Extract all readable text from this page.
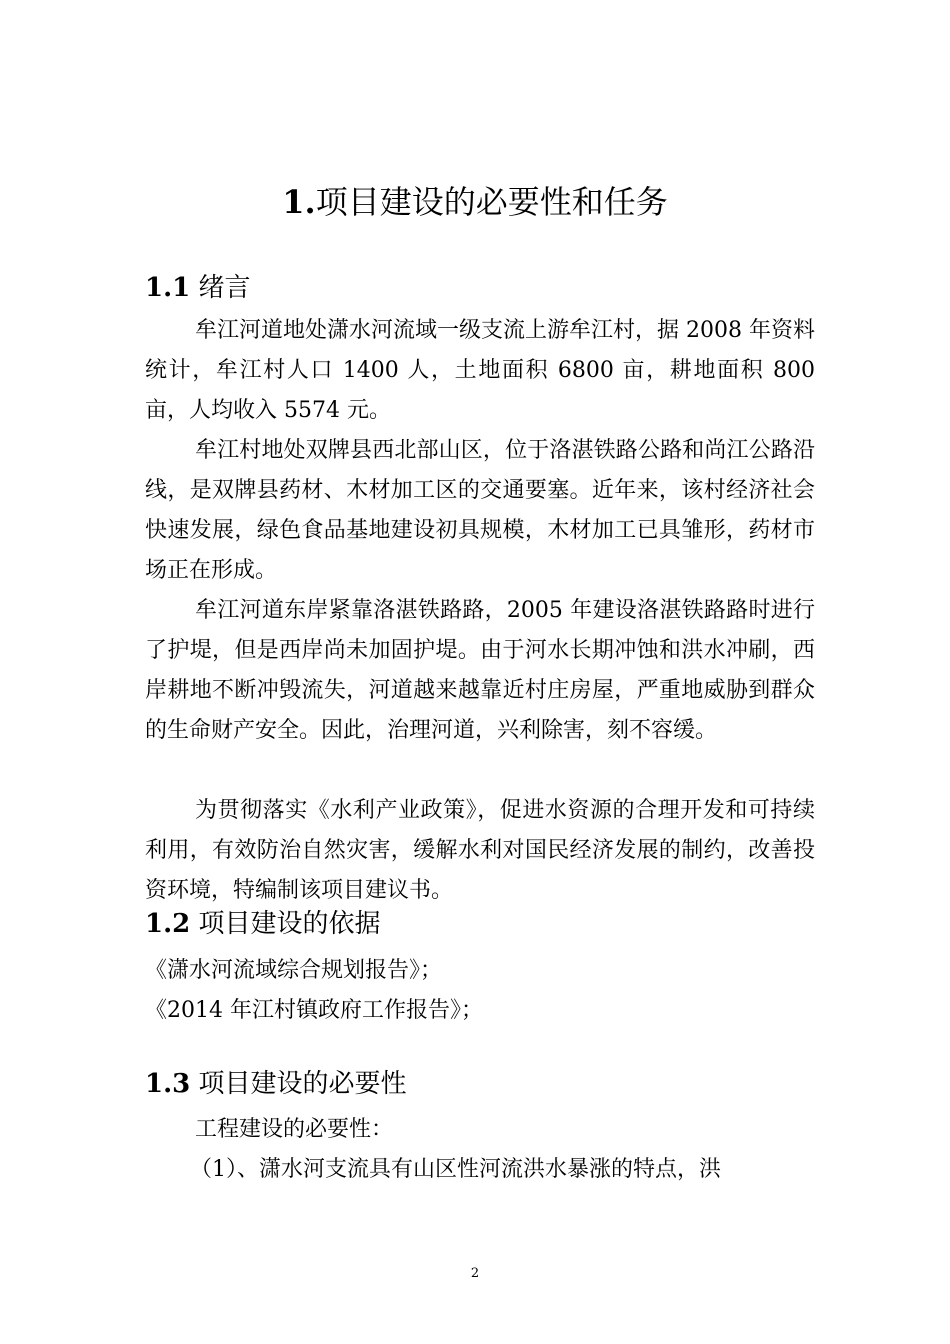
1.项目建设的必要性和任务
1.1 绪言

牟江河道地处潇水河流域一级支流上游牟江村，据 2008 年资料统计，牟江村人口 1400 人，土地面积 6800 亩，耕地面积 800 亩，人均收入 5574 元。

牟江村地处双牌县西北部山区，位于洛湛铁路公路和尚江公路沿线，是双牌县药材、木材加工区的交通要塞。近年来，该村经济社会快速发展，绿色食品基地建设初具规模，木材加工已具雏形，药材市场正在形成。

牟江河道东岸紧靠洛湛铁路路，2005 年建设洛湛铁路路时进行了护堤，但是西岸尚未加固护堤。由于河水长期冲蚀和洪水冲刷，西岸耕地不断冲毁流失，河道越来越靠近村庄房屋，严重地威胁到群众的生命财产安全。因此，治理河道，兴利除害，刻不容缓。

为贯彻落实《水利产业政策》，促进水资源的合理开发和可持续利用，有效防治自然灾害，缓解水利对国民经济发展的制约，改善投资环境，特编制该项目建议书。

1.2 项目建设的依据

《潇水河流域综合规划报告》；

《2014 年江村镇政府工作报告》；

1.3 项目建设的必要性

工程建设的必要性：

（1）、潇水河支流具有山区性河流洪水暴涨的特点，洪

2
